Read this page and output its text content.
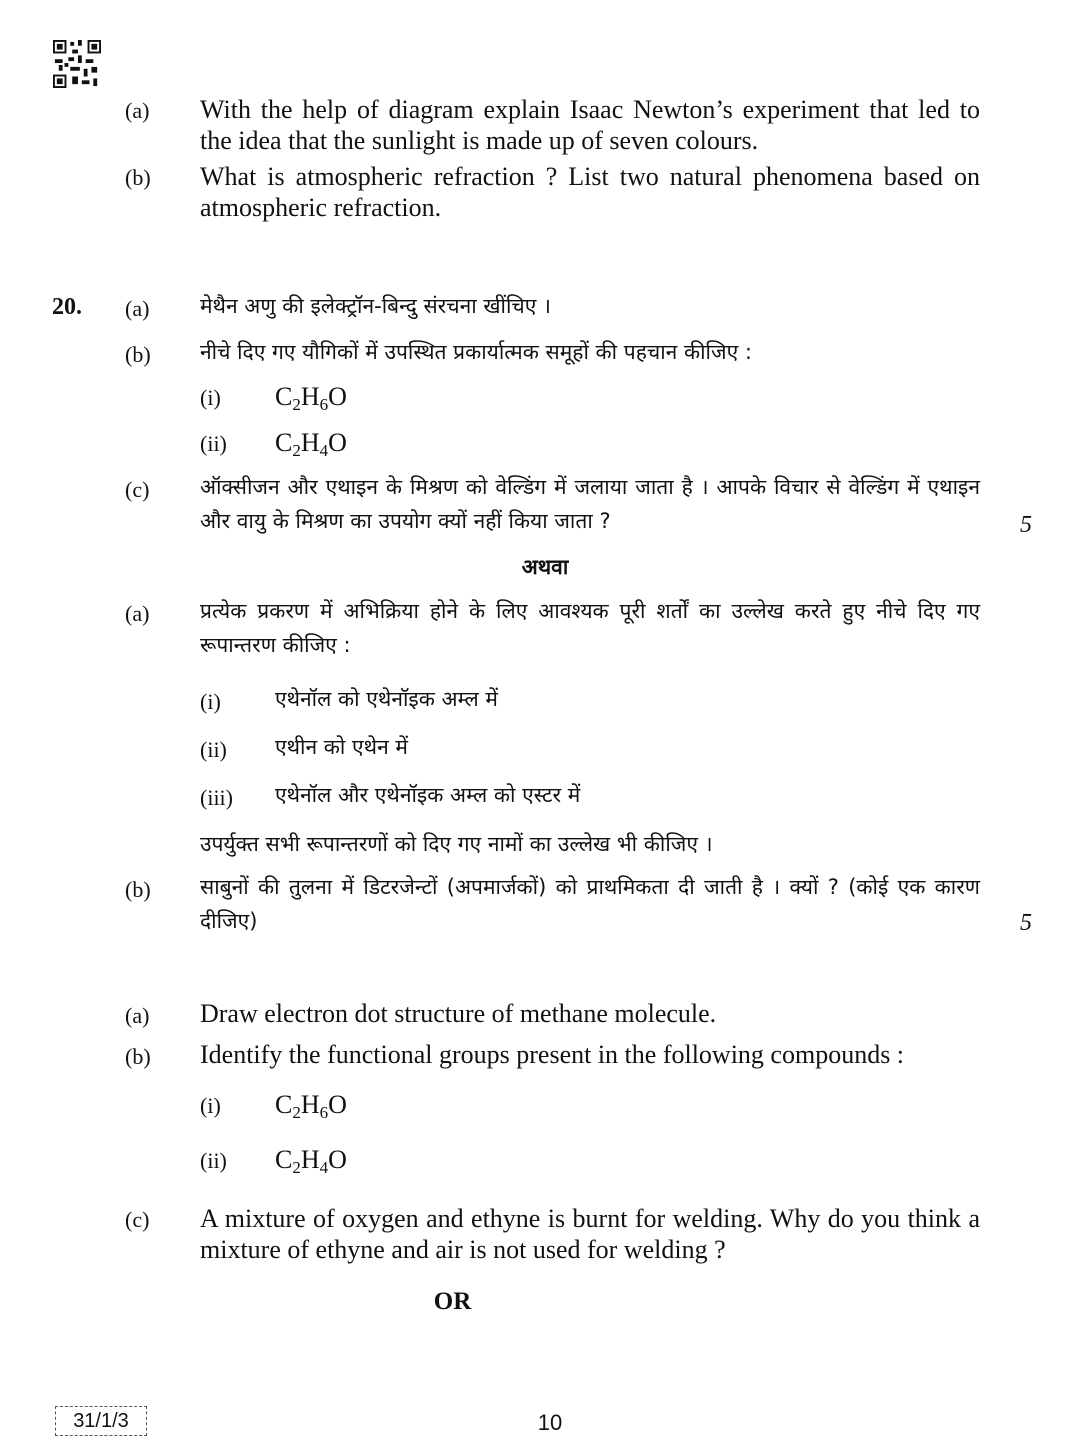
(a) With the help of diagram explain Isaac Newton’s experiment that led to the idea that the sunlight is made up of seven colours.
(b) What is atmospheric refraction ? List two natural phenomena based on atmospheric refraction.
20. (a) मेथैन अणु की इलेक्ट्रॉन-बिन्दु संरचना खींचिए ।
(b) नीचे दिए गए यौगिकों में उपस्थित प्रकार्यात्मक समूहों की पहचान कीजिए :
(i) $C_2H_6O$
(ii) $C_2H_4O$
(c) ऑक्सीजन और एथाइन के मिश्रण को वेल्डिंग में जलाया जाता है । आपके विचार से वेल्डिंग में एथाइन और वायु के मिश्रण का उपयोग क्यों नहीं किया जाता ?	5
अथवा
(a) प्रत्येक प्रकरण में अभिक्रिया होने के लिए आवश्यक पूरी शर्तों का उल्लेख करते हुए नीचे दिए गए रूपान्तरण कीजिए :
(i)	एथेनॉल को एथेनॉइक अम्ल में
(ii) एथीन को एथेन में
(iii) एथेनॉल और एथेनॉइक अम्ल को एस्टर में
उपर्युक्त सभी रूपान्तरणों को दिए गए नामों का उल्लेख भी कीजिए ।
(b) साबुनों की तुलना में डिटरजेन्टों (अपमार्जकों) को प्राथमिकता दी जाती है । क्यों ? (कोई एक कारण दीजिए)	5
(a) Draw electron dot structure of methane molecule.
(b) Identify the functional groups present in the following compounds :
(i) $C_2H_6O$
(ii) $C_2H_4O$
(c) A mixture of oxygen and ethyne is burnt for welding. Why do you think a mixture of ethyne and air is not used for welding ?
OR
31/1/3	10
